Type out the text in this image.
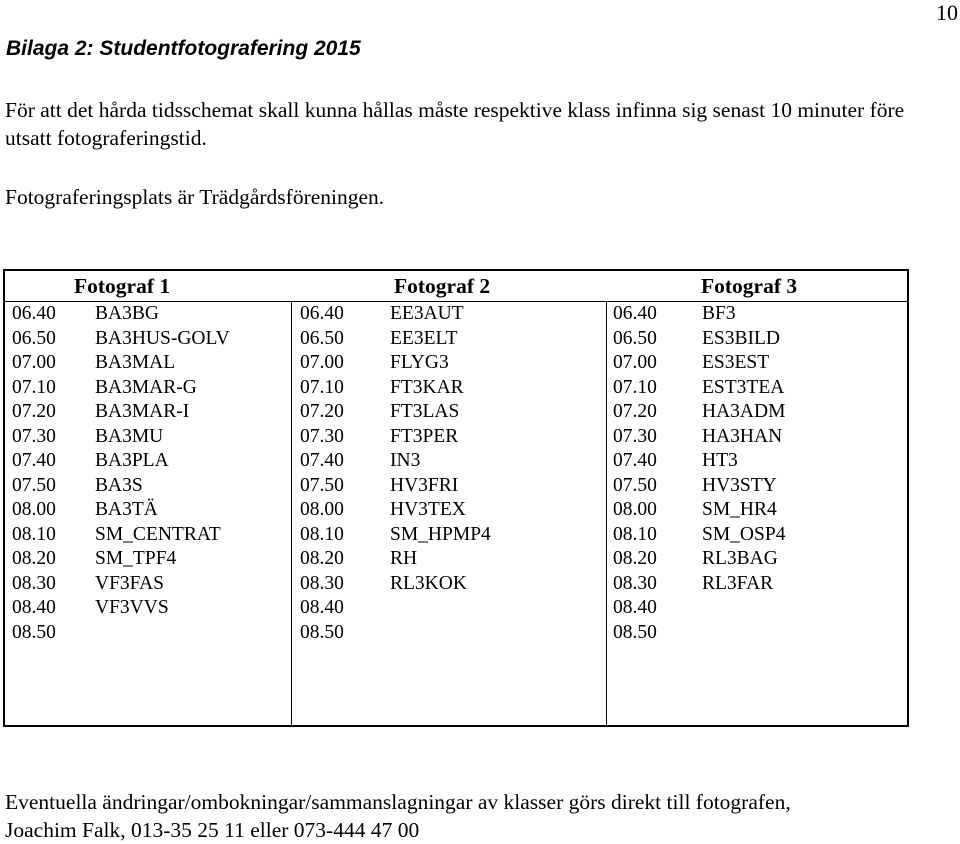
10
Bilaga 2: Studentfotografering 2015

För att det hårda tidsschemat skall kunna hållas måste respektive klass infinna sig senast 10 minuter före utsatt fotograferingstid.

Fotograferingsplats är Trädgårdsföreningen.

Fotograf 1	Fotograf 2	Fotograf 3
06.40 BA3BG
06.50 BA3HUS-GOLV
07.00 BA3MAL
07.10 BA3MAR-G
07.20 BA3MAR-I
07.30 BA3MU
07.40 BA3PLA
07.50 BA3S
08.00 BA3TÄ
08.10 SM_CENTRAT
08.20 SM_TPF4
08.30 VF3FAS
08.40 VF3VVS
08.50
06.40 EE3AUT
06.50 EE3ELT
07.00 FLYG3
07.10 FT3KAR
07.20 FT3LAS
07.30 FT3PER
07.40 IN3
07.50 HV3FRI
08.00 HV3TEX
08.10 SM_HPMP4
08.20 RH
08.30 RL3KOK
08.40
08.50
06.40 BF3
06.50 ES3BILD
07.00 ES3EST
07.10 EST3TEA
07.20 HA3ADM
07.30 HA3HAN
07.40 HT3
07.50 HV3STY
08.00 SM_HR4
08.10 SM_OSP4
08.20 RL3BAG
08.30 RL3FAR
08.40
08.50

Eventuella ändringar/ombokningar/sammanslagningar av klasser görs direkt till fotografen,
Joachim Falk, 013-35 25 11 eller 073-444 47 00
